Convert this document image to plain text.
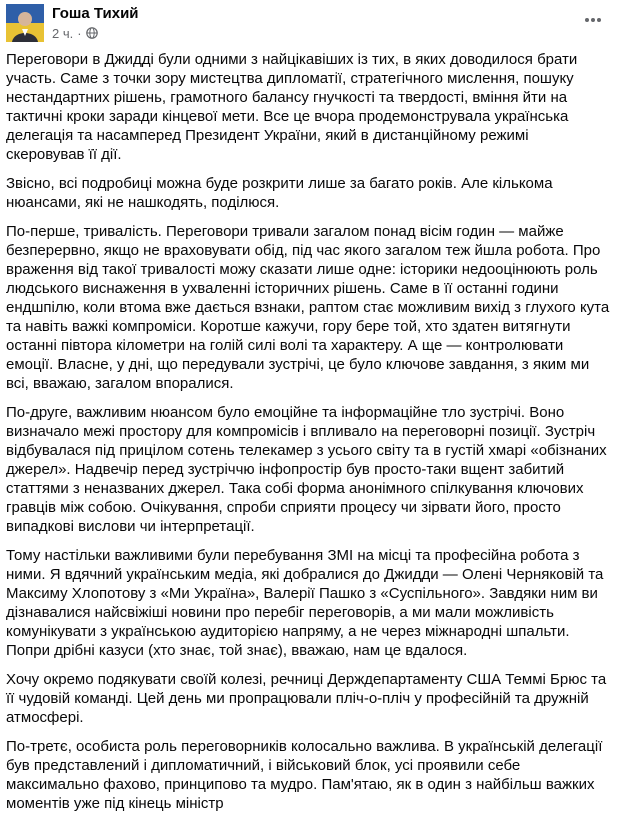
Гоша Тихий
2 ч. ·

Переговори в Джидді були одними з найцікавіших із тих, в яких доводилося брати участь. Саме з точки зору мистецтва дипломатії, стратегічного мислення, пошуку нестандартних рішень, грамотного балансу гнучкості та твердості, вміння йти на тактичні кроки заради кінцевої мети. Все це вчора продемонструвала українська делегація та насамперед Президент України, який в дистанційному режимі скеровував її дії.

Звісно, всі подробиці можна буде розкрити лише за багато років. Але кількома нюансами, які не нашкодять, поділюся.

По-перше, тривалість. Переговори тривали загалом понад вісім годин — майже безперервно, якщо не враховувати обід, під час якого загалом теж йшла робота. Про враження від такої тривалості можу сказати лише одне: історики недооцінюють роль людського виснаження в ухваленні історичних рішень. Саме в її останні години ендшпілю, коли втома вже дається взнаки, раптом стає можливим вихід з глухого кута та навіть важкі компроміси. Коротше кажучи, гору бере той, хто здатен витягнути останні півтора кілометри на голій силі волі та характеру. А ще — контролювати емоції. Власне, у дні, що передували зустрічі, це було ключове завдання, з яким ми всі, вважаю, загалом впоралися.

По-друге, важливим нюансом було емоційне та інформаційне тло зустрічі. Воно визначало межі простору для компромісів і впливало на переговорні позиції. Зустріч відбувалася під прицілом сотень телекамер з усього світу та в густій хмарі «обізнаних джерел». Надвечір перед зустріччю інфопростір був просто-таки вщент забитий статтями з неназваних джерел. Така собі форма анонімного спілкування ключових гравців між собою. Очікування, спроби сприяти процесу чи зірвати його, просто випадкові вислови чи інтерпретації.

Тому настільки важливими були перебування ЗМІ на місці та професійна робота з ними. Я вдячний українським медіа, які добралися до Джидди — Олені Черняковій та Максиму Хлопотову з «Ми Україна», Валерії Пашко з «Суспільного». Завдяки ним ви дізнавалися найсвіжіші новини про перебіг переговорів, а ми мали можливість комунікувати з українською аудиторією напряму, а не через міжнародні шпальти. Попри дрібні казуси (хто знає, той знає), вважаю, нам це вдалося.

Хочу окремо подякувати своїй колезі, речниці Держдепартаменту США Теммі Брюс та її чудовій команді. Цей день ми пропрацювали пліч-о-пліч у професійній та дружній атмосфері.

По-третє, особиста роль переговорників колосально важлива. В українській делегації був представлений і дипломатичний, і військовий блок, усі проявили себе максимально фахово, принципово та мудро. Пам'ятаю, як в один з найбільш важких моментів уже під кінець міністр
